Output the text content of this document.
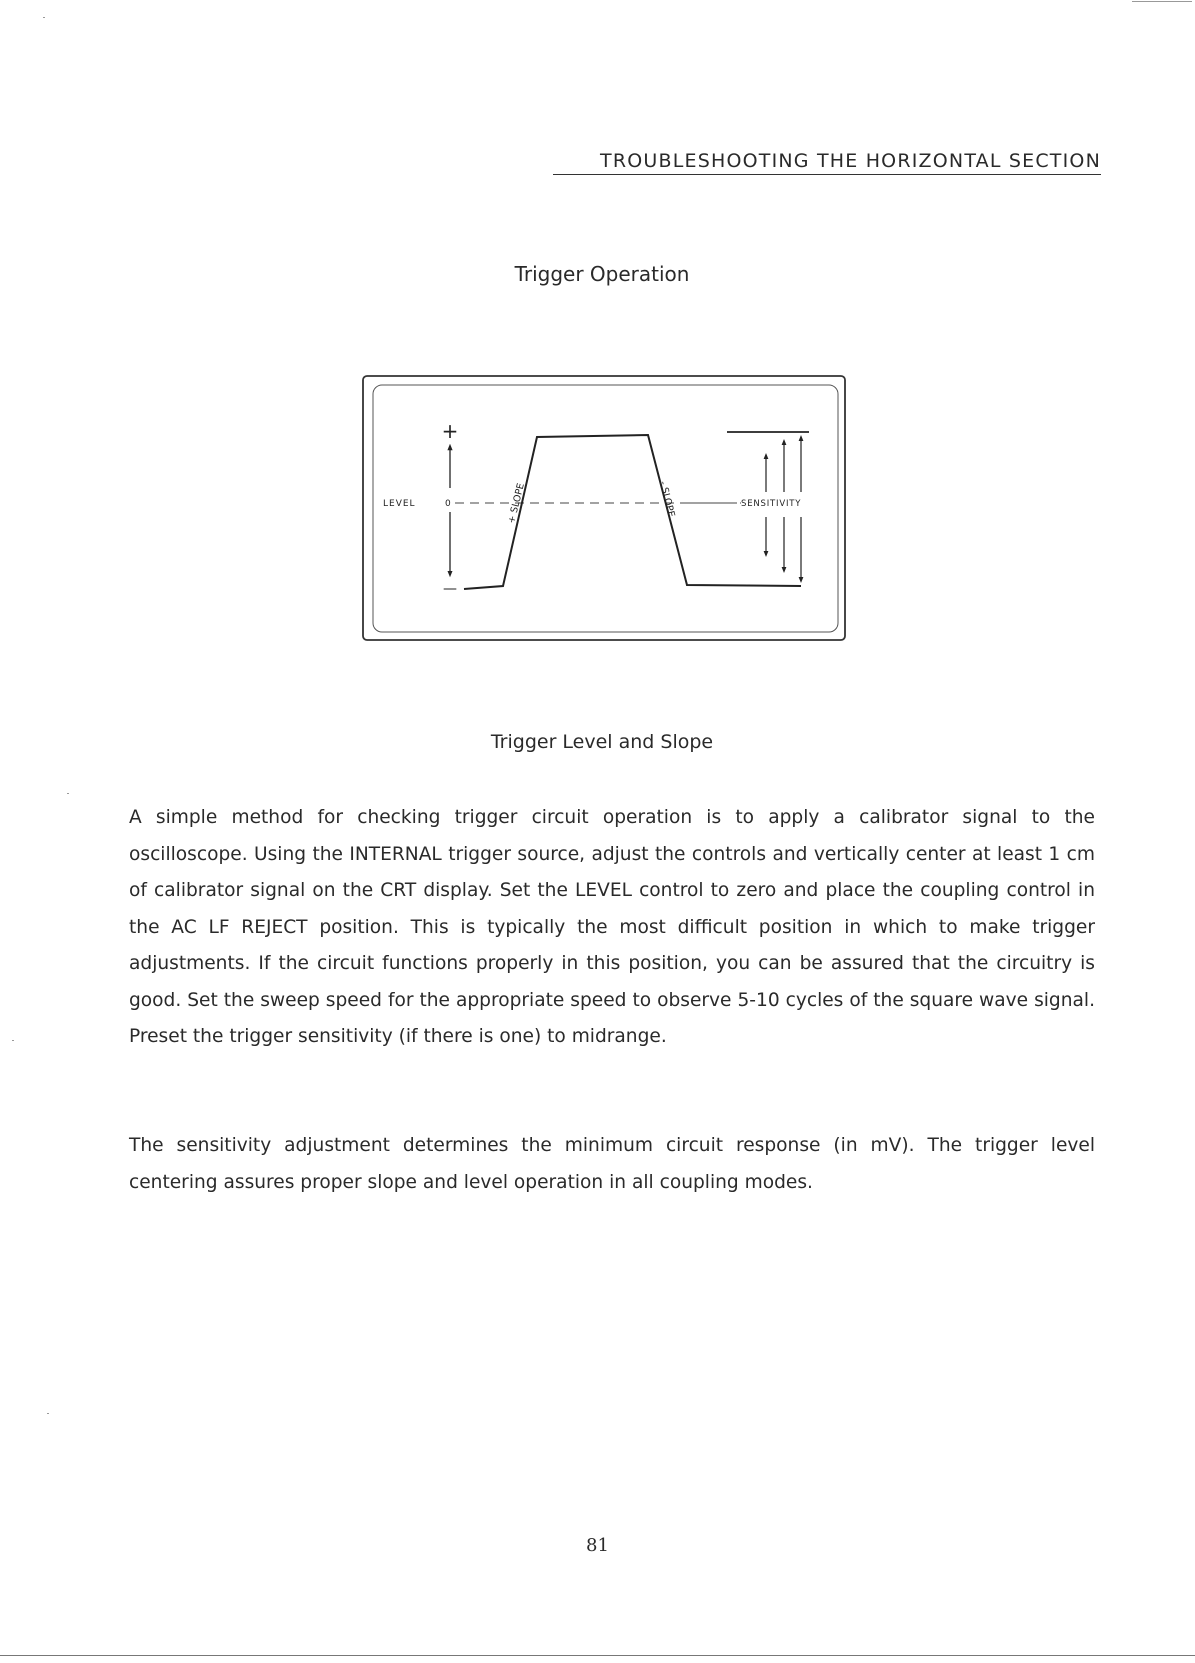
TROUBLESHOOTING THE HORIZONTAL SECTION
Trigger Operation
+
—
LEVEL	0	+ SLOPE	- SLOPE	SENSITIVITY
Trigger Level and Slope

A simple method for checking trigger circuit operation is to apply a calibrator signal to the oscilloscope. Using the INTERNAL trigger source, adjust the controls and vertically center at least 1 cm of calibrator signal on the CRT display. Set the LEVEL control to zero and place the coupling control in the AC LF REJECT position. This is typically the most difficult position in which to make trigger adjustments. If the circuit functions properly in this position, you can be assured that the circuitry is good. Set the sweep speed for the appropriate speed to observe 5-10 cycles of the square wave signal. Preset the trigger sensitivity (if there is one) to midrange.

The sensitivity adjustment determines the minimum circuit response (in mV). The trigger level centering assures proper slope and level operation in all coupling modes.

81
